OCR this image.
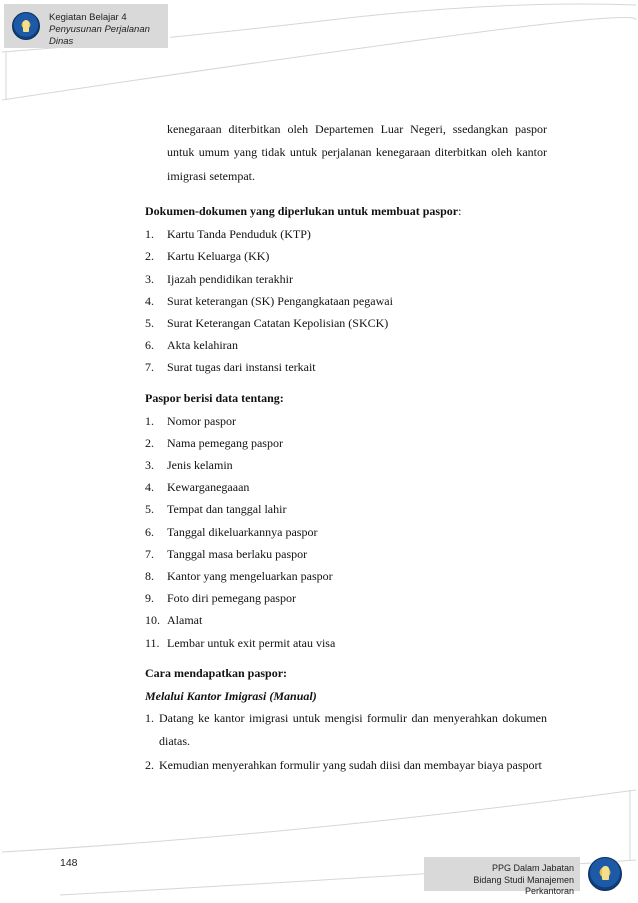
Kegiatan Belajar 4
Penyusunan Perjalanan Dinas

kenegaraan diterbitkan oleh Departemen Luar Negeri, ssedangkan paspor untuk umum yang tidak untuk perjalanan kenegaraan diterbitkan oleh kantor imigrasi setempat.

Dokumen-dokumen yang diperlukan untuk membuat paspor:
1.	Kartu Tanda Penduduk (KTP)
2.	Kartu Keluarga (KK)
3.	Ijazah pendidikan terakhir
4.	Surat keterangan (SK) Pengangkataan pegawai
5.	Surat Keterangan Catatan Kepolisian (SKCK)
6.	Akta kelahiran
7.	Surat tugas dari instansi terkait
Paspor berisi data tentang:
1.	Nomor paspor
2.	Nama pemegang paspor
3.	Jenis kelamin
4.	Kewarganegaaan
5.	Tempat dan tanggal lahir
6.	Tanggal dikeluarkannya paspor
7.	Tanggal masa berlaku paspor
8.	Kantor yang mengeluarkan paspor
9.	Foto diri pemegang paspor
10. Alamat
11. Lembar untuk exit permit atau visa
Cara mendapatkan paspor:
Melalui Kantor Imigrasi (Manual)
1. Datang ke kantor imigrasi untuk mengisi formulir dan menyerahkan dokumen diatas.
2. Kemudian menyerahkan formulir yang sudah diisi dan membayar biaya pasport
148	PPG Dalam Jabatan
Bidang Studi Manajemen Perkantoran
